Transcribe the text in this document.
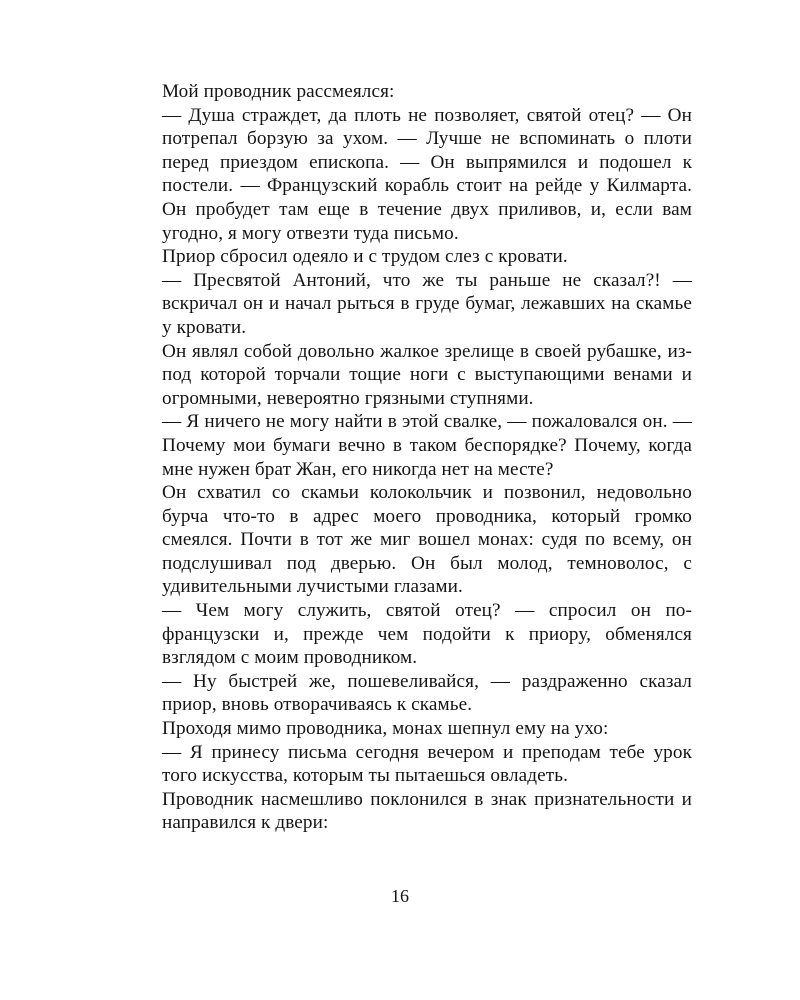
Мой проводник рассмеялся:

— Душа страждет, да плоть не позволяет, святой отец? — Он потрепал борзую за ухом. — Лучше не вспоминать о плоти перед приездом епископа. — Он выпрямился и подошел к постели. — Французский корабль стоит на рейде у Килмарта. Он пробудет там еще в течение двух приливов, и, если вам угодно, я могу отвезти туда письмо.

Приор сбросил одеяло и с трудом слез с кровати.

— Пресвятой Антоний, что же ты раньше не сказал?! — вскричал он и начал рыться в груде бумаг, лежавших на скамье у кровати.

Он являл собой довольно жалкое зрелище в своей рубашке, из-под которой торчали тощие ноги с выступающими венами и огромными, невероятно грязными ступнями.

— Я ничего не могу найти в этой свалке, — пожаловался он. — Почему мои бумаги вечно в таком беспорядке? Почему, когда мне нужен брат Жан, его никогда нет на месте?

Он схватил со скамьи колокольчик и позвонил, недовольно бурча что-то в адрес моего проводника, который громко смеялся. Почти в тот же миг вошел монах: судя по всему, он подслушивал под дверью. Он был молод, темноволос, с удивительными лучистыми глазами.

— Чем могу служить, святой отец? — спросил он по-французски и, прежде чем подойти к приору, обменялся взглядом с моим проводником.

— Ну быстрей же, пошевеливайся, — раздраженно сказал приор, вновь отворачиваясь к скамье.

Проходя мимо проводника, монах шепнул ему на ухо:

— Я принесу письма сегодня вечером и преподам тебе урок того искусства, которым ты пытаешься овладеть.

Проводник насмешливо поклонился в знак признательности и направился к двери:

16
